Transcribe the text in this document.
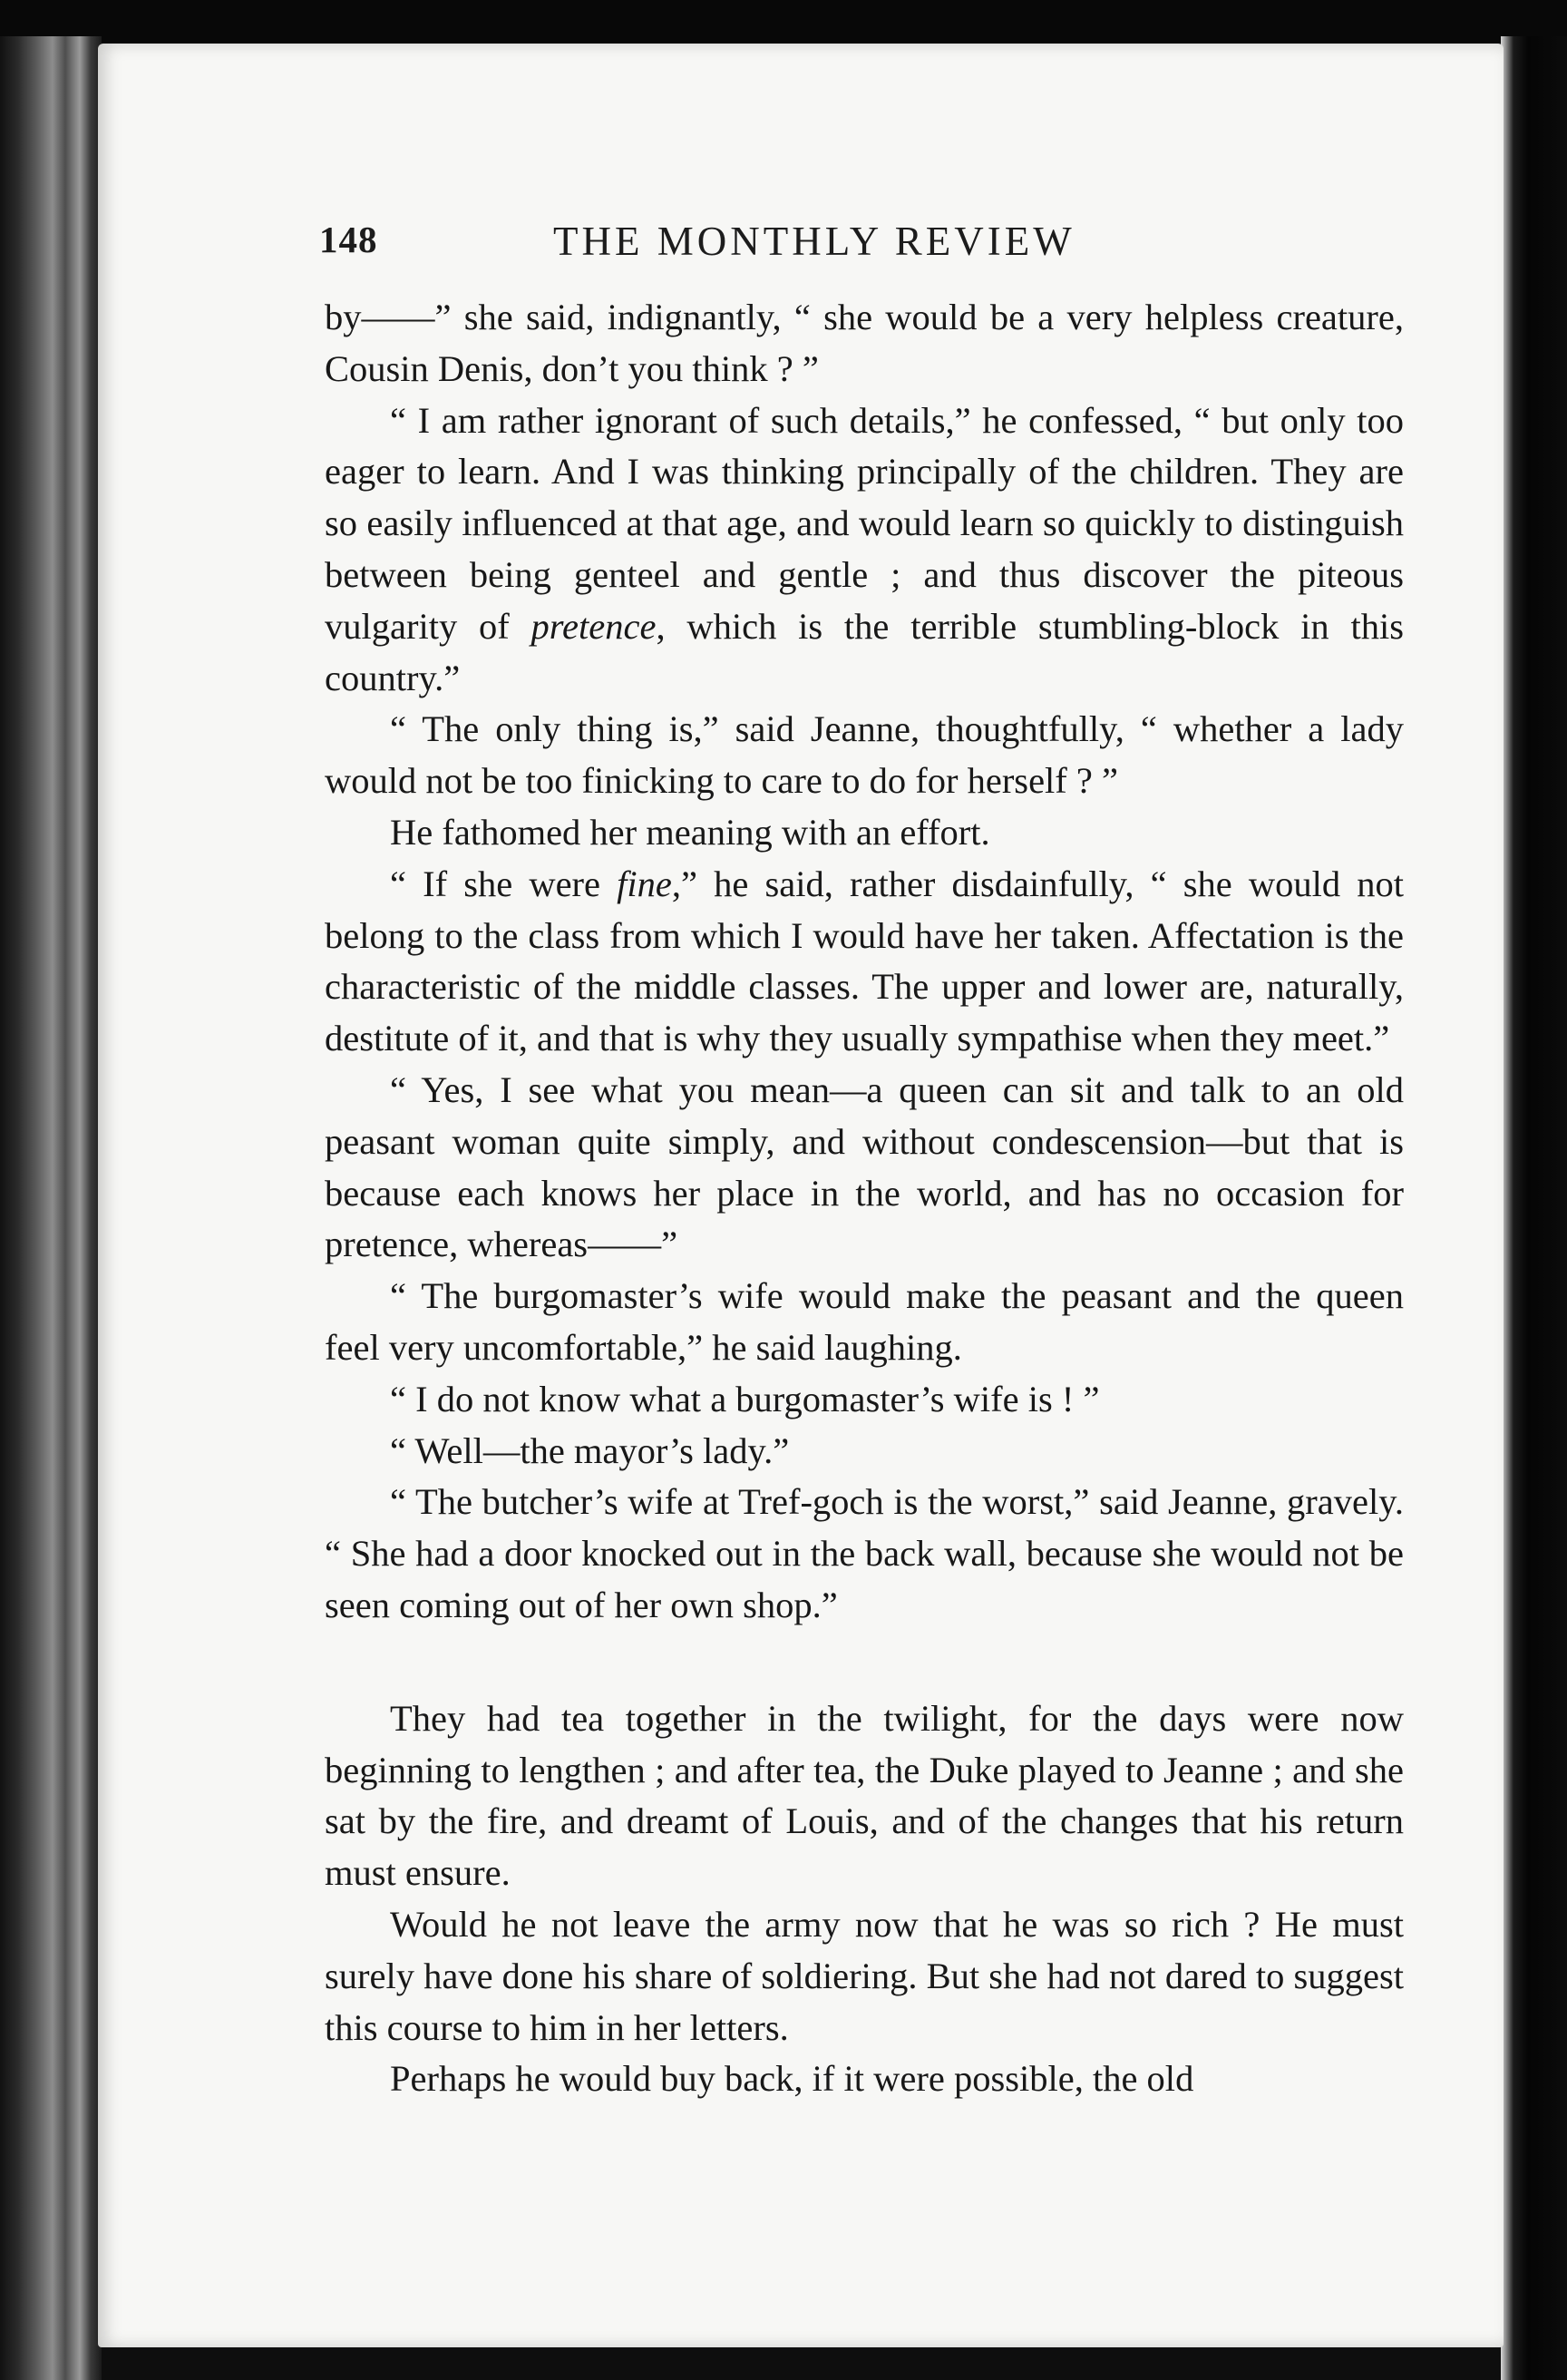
148	THE MONTHLY REVIEW

by——” she said, indignantly, “ she would be a very helpless creature, Cousin Denis, don’t you think ? ”

“ I am rather ignorant of such details,” he confessed, “ but only too eager to learn. And I was thinking principally of the children. They are so easily influenced at that age, and would learn so quickly to distinguish between being genteel and gentle ; and thus discover the piteous vulgarity of pretence, which is the terrible stumbling-block in this country.”

“ The only thing is,” said Jeanne, thoughtfully, “ whether a lady would not be too finicking to care to do for herself ? ”

He fathomed her meaning with an effort.

“ If she were fine,” he said, rather disdainfully, “ she would not belong to the class from which I would have her taken. Affectation is the characteristic of the middle classes. The upper and lower are, naturally, destitute of it, and that is why they usually sympathise when they meet.”

“ Yes, I see what you mean—a queen can sit and talk to an old peasant woman quite simply, and without condescension—but that is because each knows her place in the world, and has no occasion for pretence, whereas——”

“ The burgomaster’s wife would make the peasant and the queen feel very uncomfortable,” he said laughing.

“ I do not know what a burgomaster’s wife is ! ”

“ Well—the mayor’s lady.”

“ The butcher’s wife at Tref-goch is the worst,” said Jeanne, gravely. “ She had a door knocked out in the back wall, because she would not be seen coming out of her own shop.”

They had tea together in the twilight, for the days were now beginning to lengthen ; and after tea, the Duke played to Jeanne ; and she sat by the fire, and dreamt of Louis, and of the changes that his return must ensure.

Would he not leave the army now that he was so rich ? He must surely have done his share of soldiering. But she had not dared to suggest this course to him in her letters.

Perhaps he would buy back, if it were possible, the old
